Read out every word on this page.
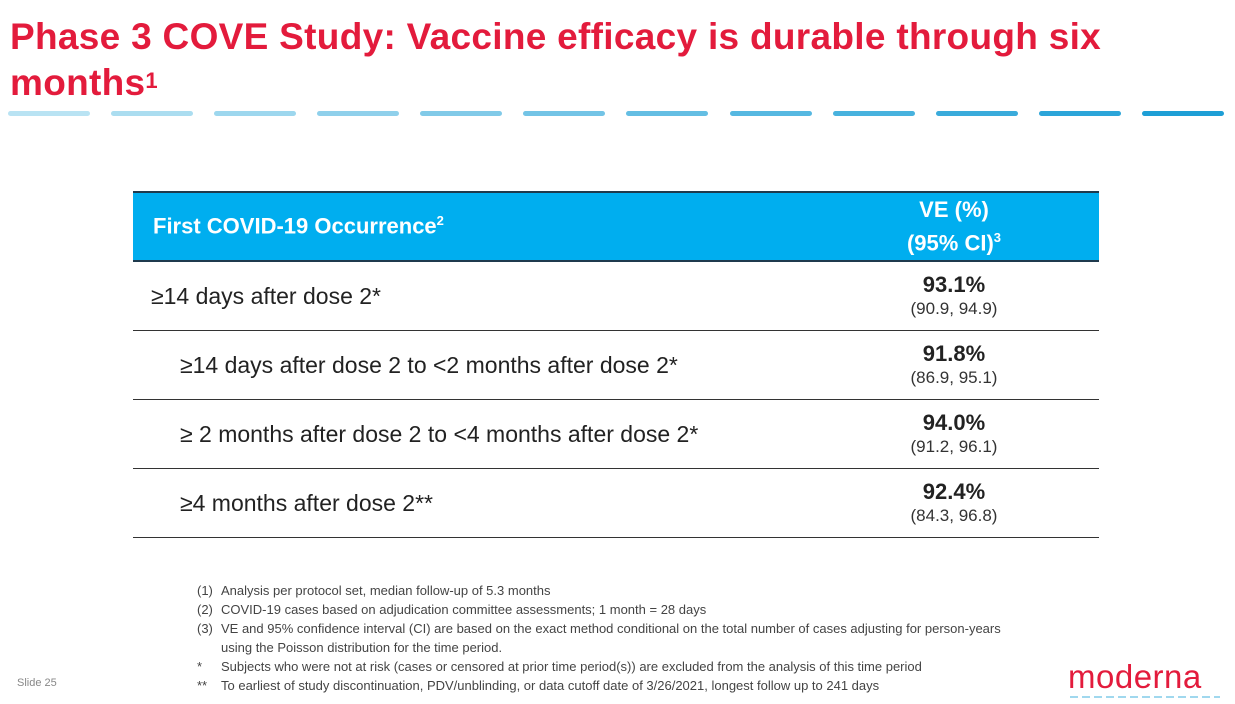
Phase 3 COVE Study: Vaccine efficacy is durable through six months$^1$
First COVID-19 Occurrence$^2$	VE (%)
(95% CI)$^3$
≥14 days after dose 2*	93.1%
(90.9, 94.9)
≥14 days after dose 2 to <2 months after dose 2*	91.8%
(86.9, 95.1)
≥ 2 months after dose 2 to <4 months after dose 2*	94.0%
(91.2, 96.1)
≥4 months after dose 2**	92.4%
(84.3, 96.8)
(1) Analysis per protocol set, median follow-up of 5.3 months
(2) COVID-19 cases based on adjudication committee assessments; 1 month = 28 days
(3) VE and 95% confidence interval (CI) are based on the exact method conditional on the total number of cases adjusting for person-years using the Poisson distribution for the time period.
*	Subjects who were not at risk (cases or censored at prior time period(s)) are excluded from the analysis of this time period
**	To earliest of study discontinuation, PDV/unblinding, or data cutoff date of 3/26/2021, longest follow up to 241 days
Slide 25	moderna
